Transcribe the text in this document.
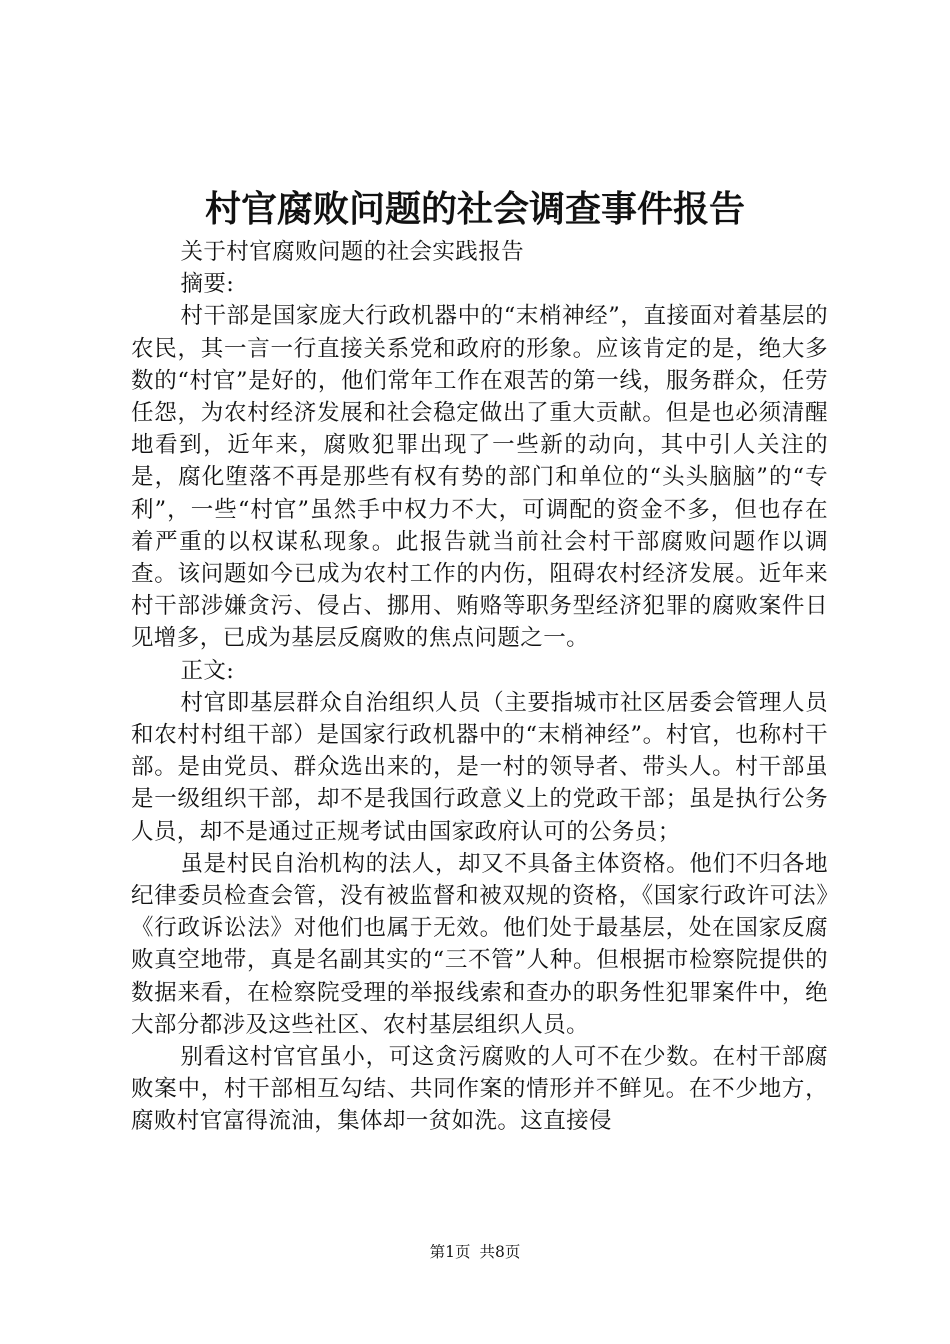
村官腐败问题的社会调查事件报告

关于村官腐败问题的社会实践报告

摘要:

村干部是国家庞大行政机器中的“末梢神经”，直接面对着基层的农民，其一言一行直接关系党和政府的形象。应该肯定的是，绝大多数的“村官”是好的，他们常年工作在艰苦的第一线，服务群众，任劳任怨，为农村经济发展和社会稳定做出了重大贡献。但是也必须清醒地看到，近年来，腐败犯罪出现了一些新的动向，其中引人关注的是，腐化堕落不再是那些有权有势的部门和单位的“头头脑脑”的“专利”，一些“村官”虽然手中权力不大，可调配的资金不多，但也存在着严重的以权谋私现象。此报告就当前社会村干部腐败问题作以调查。该问题如今已成为农村工作的内伤，阻碍农村经济发展。近年来村干部涉嫌贪污、侵占、挪用、贿赂等职务型经济犯罪的腐败案件日见增多，已成为基层反腐败的焦点问题之一。

正文:

村官即基层群众自治组织人员（主要指城市社区居委会管理人员和农村村组干部）是国家行政机器中的“末梢神经”。村官，也称村干部。是由党员、群众选出来的，是一村的领导者、带头人。村干部虽是一级组织干部，却不是我国行政意义上的党政干部；虽是执行公务人员，却不是通过正规考试由国家政府认可的公务员；

虽是村民自治机构的法人，却又不具备主体资格。他们不归各地纪律委员检查会管，没有被监督和被双规的资格，《国家行政许可法》《行政诉讼法》对他们也属于无效。他们处于最基层，处在国家反腐败真空地带，真是名副其实的“三不管”人种。但根据市检察院提供的数据来看，在检察院受理的举报线索和查办的职务性犯罪案件中，绝大部分都涉及这些社区、农村基层组织人员。

别看这村官官虽小，可这贪污腐败的人可不在少数。在村干部腐败案中，村干部相互勾结、共同作案的情形并不鲜见。在不少地方，腐败村官富得流油，集体却一贫如洗。这直接侵

第1页 共8页
